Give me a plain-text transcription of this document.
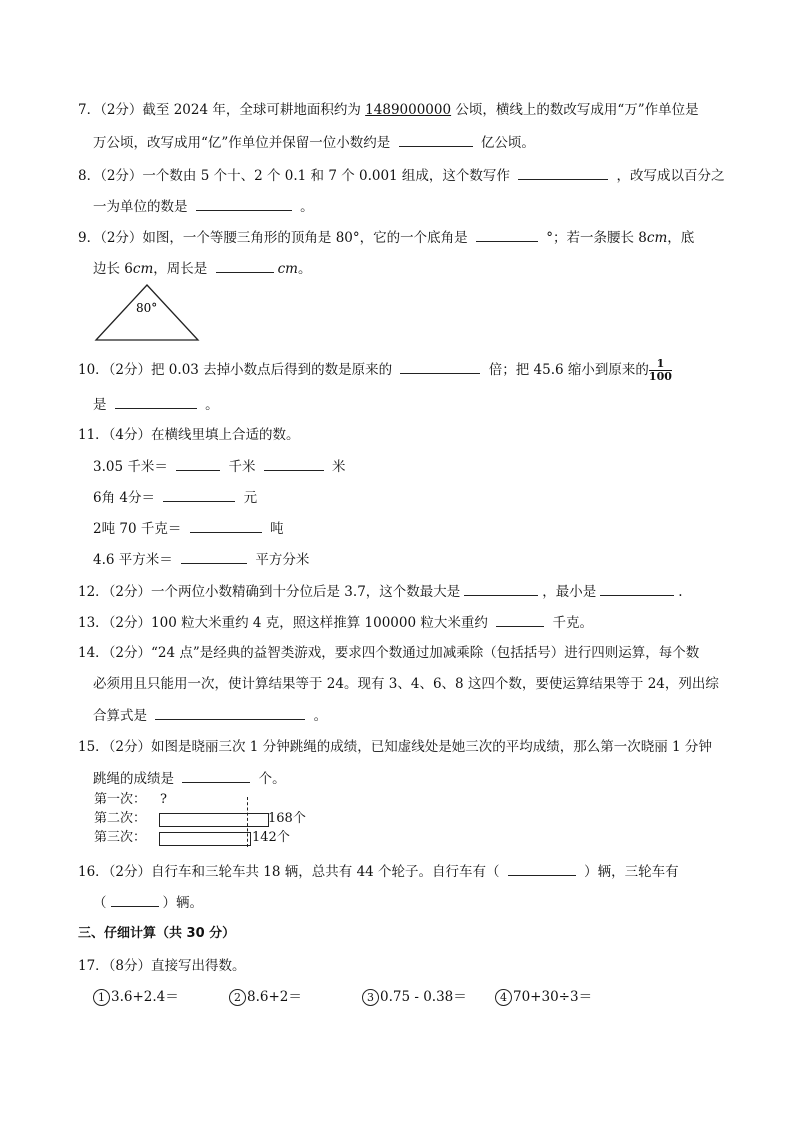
7．（2分）截至 2024 年，全球可耕地面积约为 1489000000 公顷，横线上的数改写成用“万”作单位是
万公顷，改写成用“亿”作单位并保留一位小数约是	亿公顷。
8．（2分）一个数由 5 个十、2 个 0.1 和 7 个 0.001 组成，这个数写作	，改写成以百分之
一为单位的数是	。
9．（2分）如图，一个等腰三角形的顶角是 80°，它的一个底角是	°；若一条腰长 8cm，底
边长 6cm，周长是	cm。
80°
10．（2分）把 0.03 去掉小数点后得到的数是原来的	倍；把 45.6 缩小到原来的 $\frac{1}{100}$
是	。
11．（4分）在横线里填上合适的数。
3.05 千米＝	千米	米
6角 4分＝	元
2吨 70 千克＝	吨
4.6 平方米＝	平方分米
12．（2分）一个两位小数精确到十分位后是 3.7，这个数最大是	，最小是	.
13．（2分）100 粒大米重约 4 克，照这样推算 100000 粒大米重约	千克。
14．（2分）“24 点”是经典的益智类游戏，要求四个数通过加减乘除（包括括号）进行四则运算，每个数
必须用且只能用一次，使计算结果等于 24。现有 3、4、6、8 这四个数，要使运算结果等于 24，列出综
合算式是	。
15．（2分）如图是晓丽三次 1 分钟跳绳的成绩，已知虚线处是她三次的平均成绩，那么第一次晓丽 1 分钟
跳绳的成绩是	个。
第一次： ?
第二次：	168个
第三次：	142个
16．（2分）自行车和三轮车共 18 辆，总共有 44 个轮子。自行车有（	）辆，三轮车有
（	）辆。
三、仔细计算（共 30 分）
17．（8分）直接写出得数。
1 3.6+2.4＝	2 8.6+2＝	3 0.75 - 0.38＝	4 70+30÷3＝
